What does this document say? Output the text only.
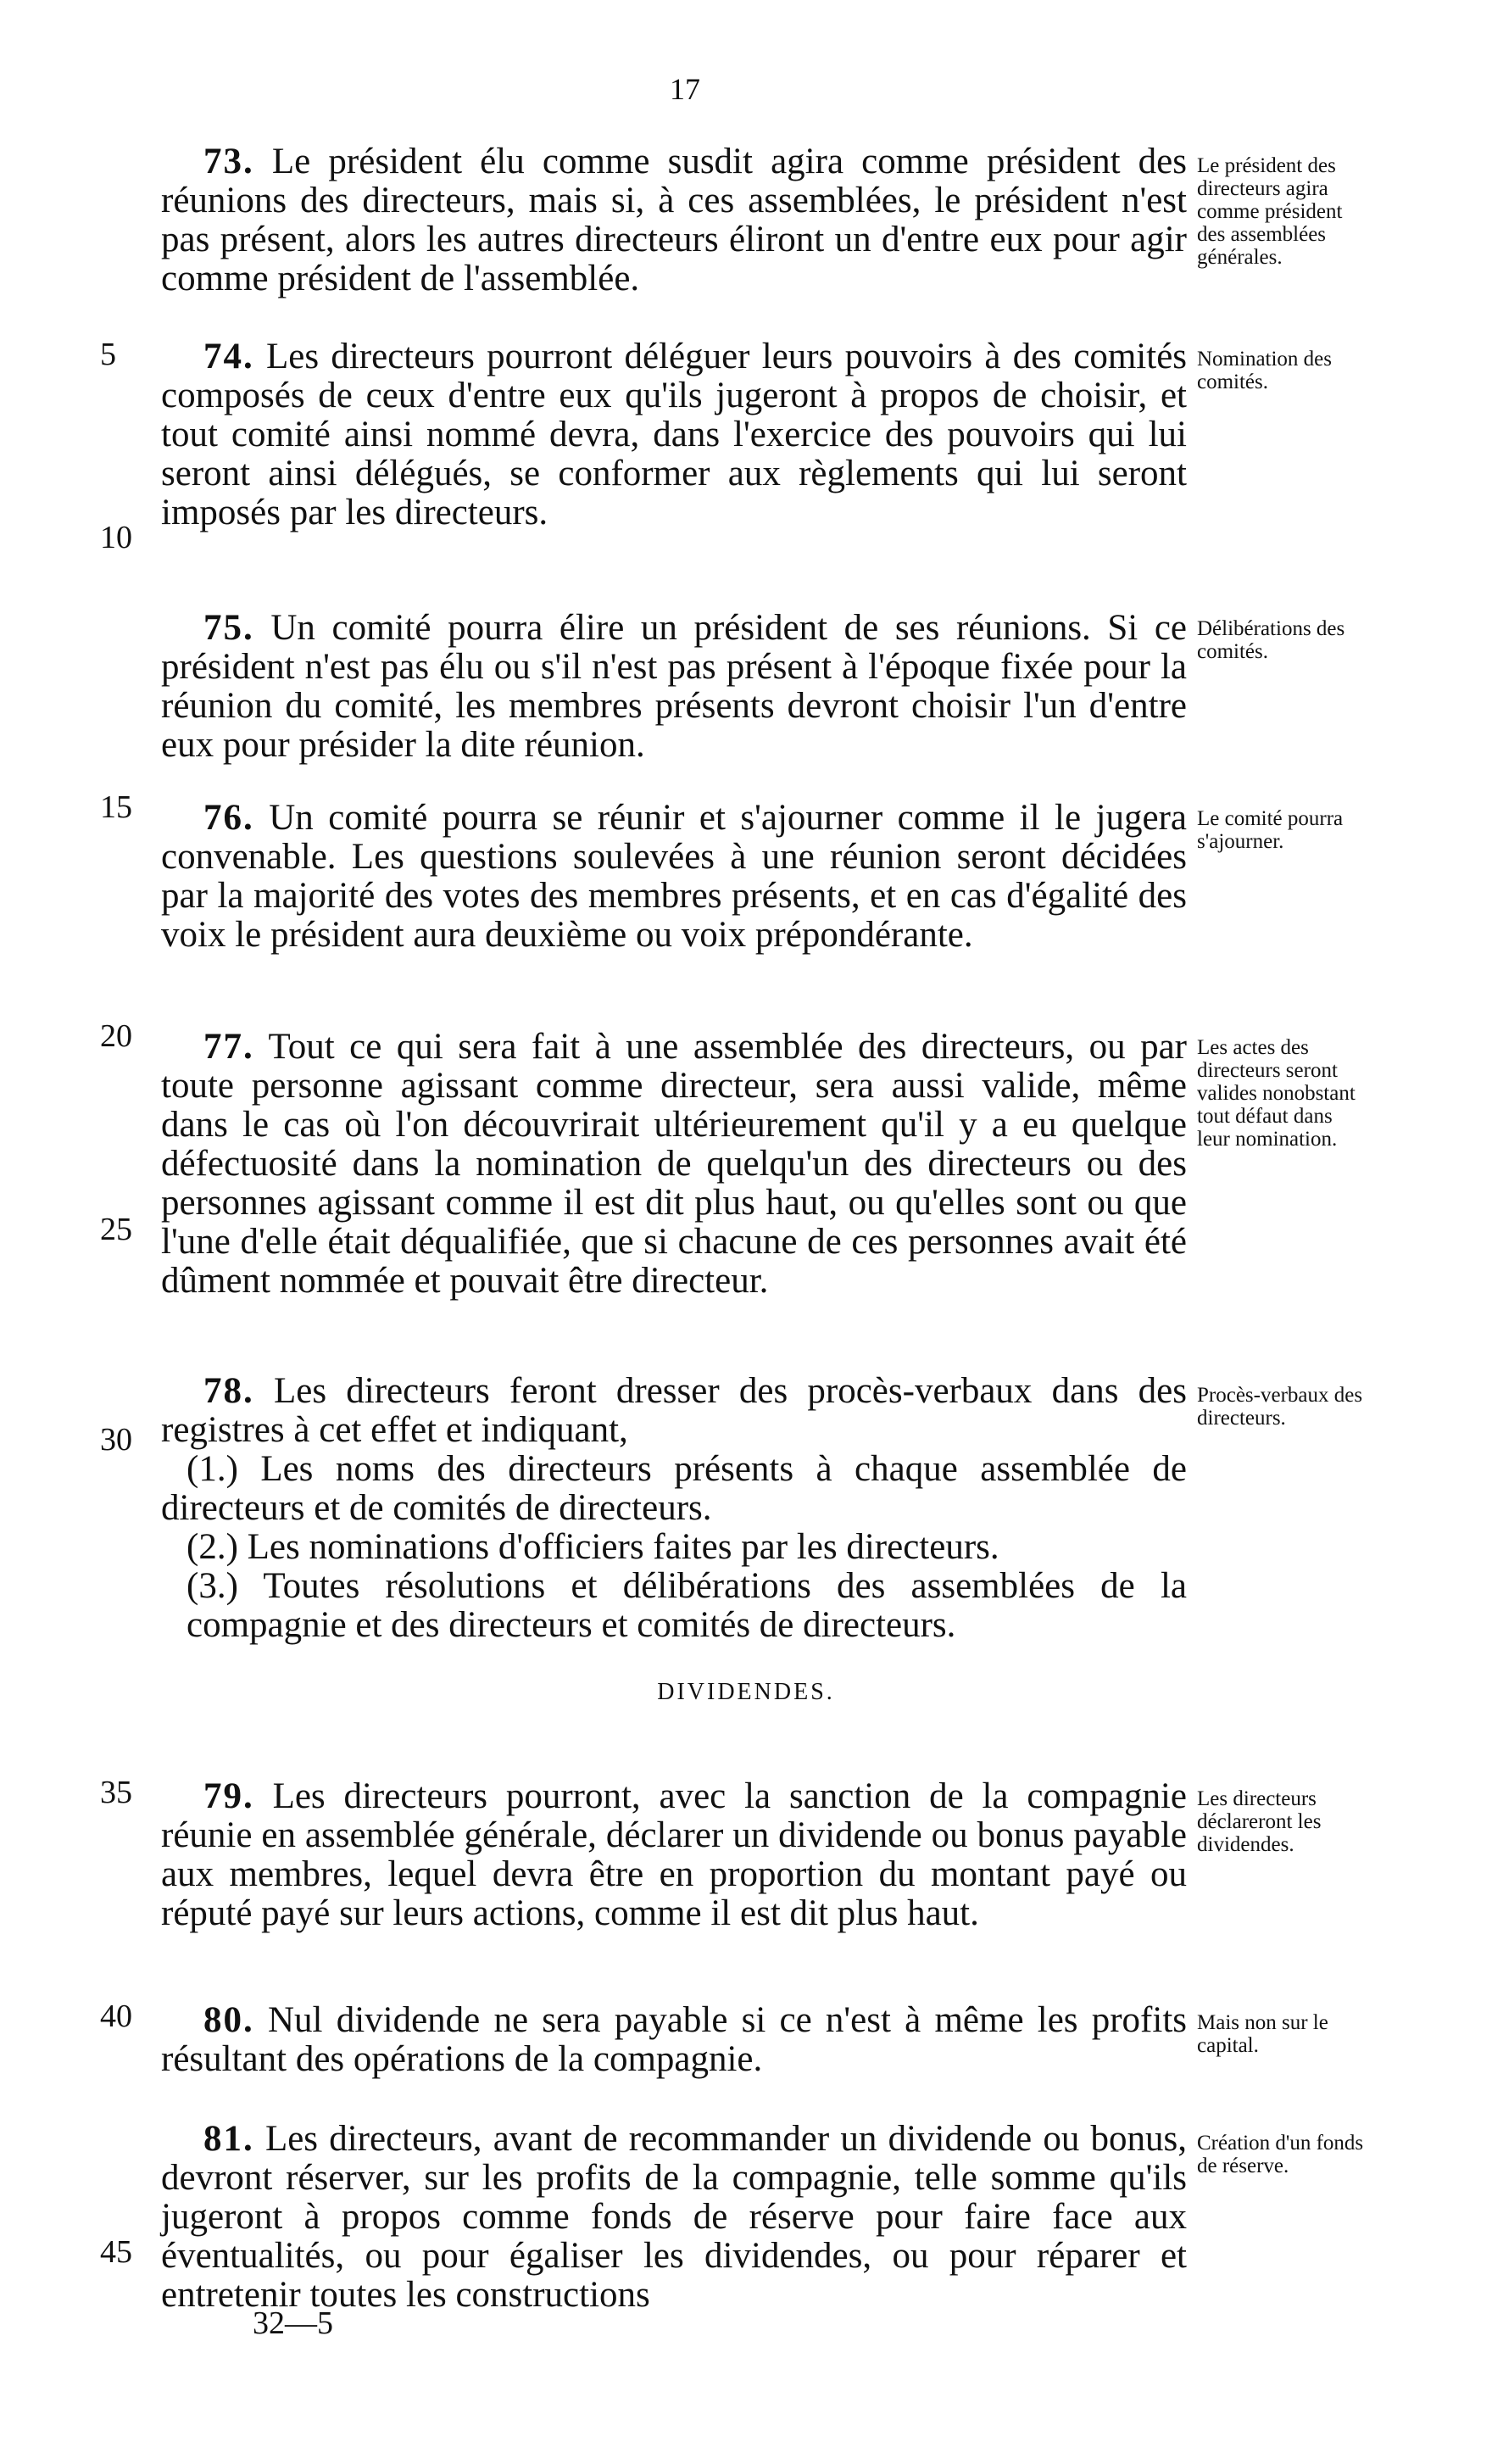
17

73. Le président élu comme susdit agira comme président des réunions des directeurs, mais si, à ces assemblées, le président n'est pas présent, alors les autres directeurs éliront un d'entre eux pour agir comme président de l'assemblée.

Le président des directeurs agira comme président des assemblées générales.

74. Les directeurs pourront déléguer leurs pouvoirs à des comités composés de ceux d'entre eux qu'ils jugeront à propos de choisir, et tout comité ainsi nommé devra, dans l'exercice des pouvoirs qui lui seront ainsi délégués, se conformer aux règlements qui lui seront imposés par les directeurs.

Nomination des comités.

75. Un comité pourra élire un président de ses réunions. Si ce président n'est pas élu ou s'il n'est pas présent à l'époque fixée pour la réunion du comité, les membres présents devront choisir l'un d'entre eux pour présider la dite réunion.

Délibérations des comités.

76. Un comité pourra se réunir et s'ajourner comme il le jugera convenable. Les questions soulevées à une réunion seront décidées par la majorité des votes des membres présents, et en cas d'égalité des voix le président aura deuxième ou voix prépondérante.

Le comité pourra s'ajourner.

77. Tout ce qui sera fait à une assemblée des directeurs, ou par toute personne agissant comme directeur, sera aussi valide, même dans le cas où l'on découvrirait ultérieurement qu'il y a eu quelque défectuosité dans la nomination de quelqu'un des directeurs ou des personnes agissant comme il est dit plus haut, ou qu'elles sont ou que l'une d'elle était déqualifiée, que si chacune de ces personnes avait été dûment nommée et pouvait être directeur.

Les actes des directeurs seront valides nonobstant tout défaut dans leur nomination.

78. Les directeurs feront dresser des procès-verbaux dans des registres à cet effet et indiquant,

(1.) Les noms des directeurs présents à chaque assemblée de directeurs et de comités de directeurs.

(2.) Les nominations d'officiers faites par les directeurs.

(3.) Toutes résolutions et délibérations des assemblées de la compagnie et des directeurs et comités de directeurs.

Procès-verbaux des directeurs.
DIVIDENDES.

79. Les directeurs pourront, avec la sanction de la compagnie réunie en assemblée générale, déclarer un dividende ou bonus payable aux membres, lequel devra être en proportion du montant payé ou réputé payé sur leurs actions, comme il est dit plus haut.

Les directeurs déclareront les dividendes.

80. Nul dividende ne sera payable si ce n'est à même les profits résultant des opérations de la compagnie.

Mais non sur le capital.

81. Les directeurs, avant de recommander un dividende ou bonus, devront réserver, sur les profits de la compagnie, telle somme qu'ils jugeront à propos comme fonds de réserve pour faire face aux éventualités, ou pour égaliser les dividendes, ou pour réparer et entretenir toutes les constructions

Création d'un fonds de réserve.
5
10
15
20
25
30
35
40
45
32—5
